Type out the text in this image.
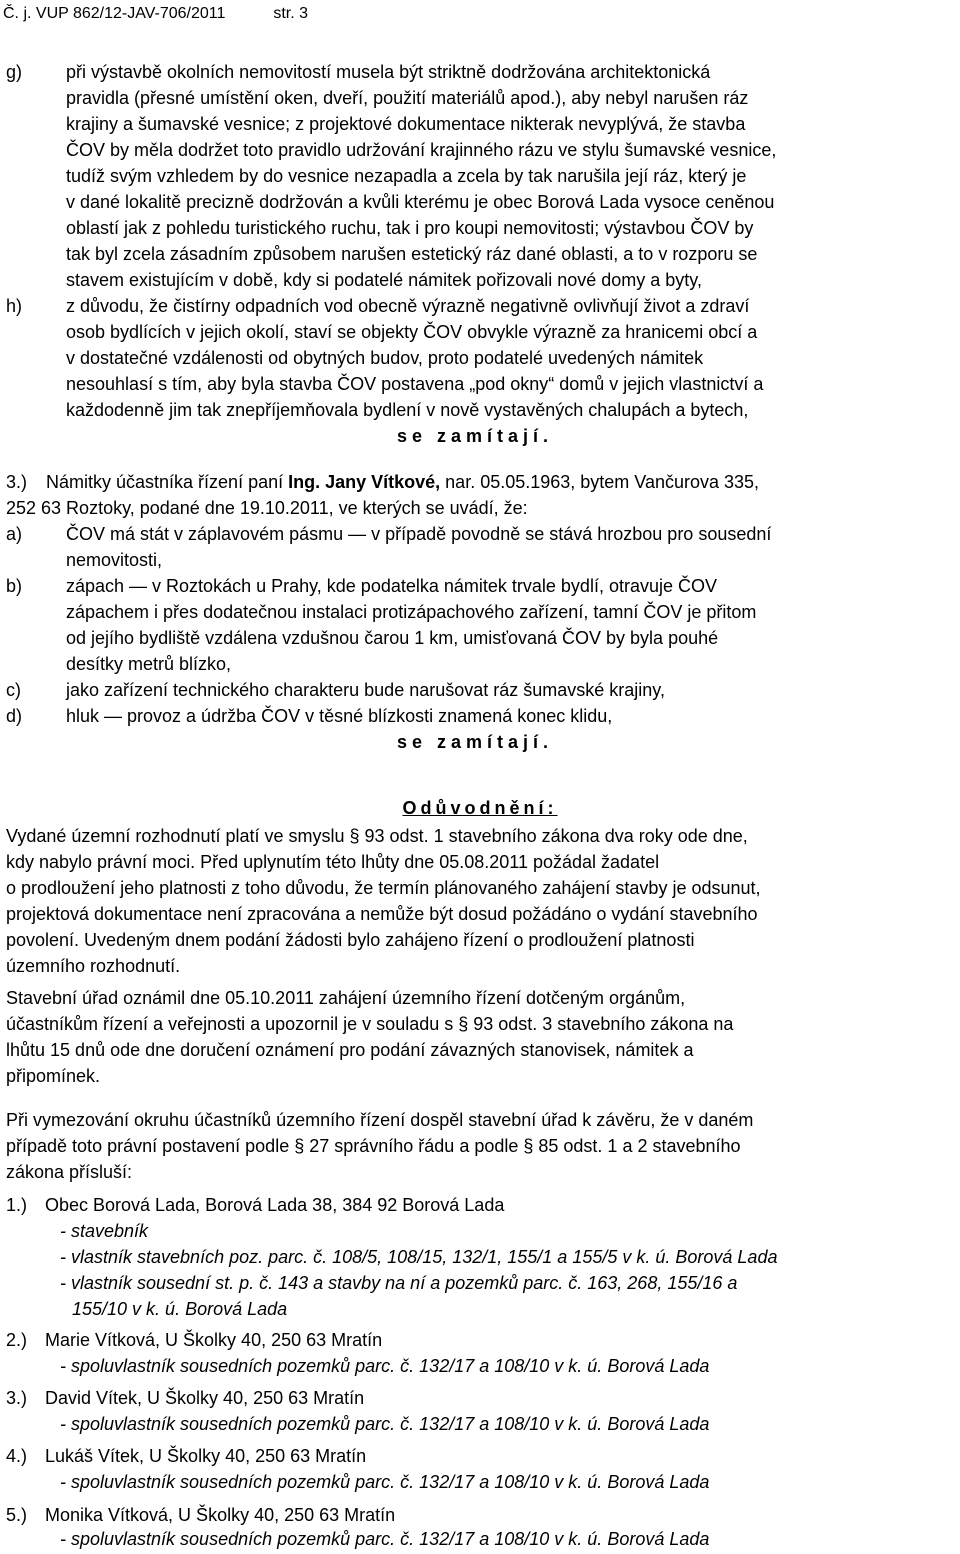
Č. j. VUP 862/12-JAV-706/2011	str. 3
g) při výstavbě okolních nemovitostí musela být striktně dodržována architektonická
pravidla (přesné umístění oken, dveří, použití materiálů apod.), aby nebyl narušen ráz
krajiny a šumavské vesnice; z projektové dokumentace nikterak nevyplývá, že stavba
ČOV by měla dodržet toto pravidlo udržování krajinného rázu ve stylu šumavské vesnice,
tudíž svým vzhledem by do vesnice nezapadla a zcela by tak narušila její ráz, který je
v dané lokalitě precizně dodržován a kvůli kterému je obec Borová Lada vysoce ceněnou
oblastí jak z pohledu turistického ruchu, tak i pro koupi nemovitosti; výstavbou ČOV by
tak byl zcela zásadním způsobem narušen estetický ráz dané oblasti, a to v rozporu se
stavem existujícím v době, kdy si podatelé námitek pořizovali nové domy a byty,
h) z důvodu, že čistírny odpadních vod obecně výrazně negativně ovlivňují život a zdraví
osob bydlících v jejich okolí, staví se objekty ČOV obvykle výrazně za hranicemi obcí a
v dostatečné vzdálenosti od obytných budov, proto podatelé uvedených námitek
nesouhlasí s tím, aby byla stavba ČOV postavena „pod okny“ domů v jejich vlastnictví a
každodenně jim tak znepříjemňovala bydlení v nově vystavěných chalupách a bytech,
se zamítají.
3.) Námitky účastníka řízení paní Ing. Jany Vítkové, nar. 05.05.1963, bytem Vančurova 335,
252 63 Roztoky, podané dne 19.10.2011, ve kterých se uvádí, že:
a) ČOV má stát v záplavovém pásmu — v případě povodně se stává hrozbou pro sousední
nemovitosti,
b) zápach — v Roztokách u Prahy, kde podatelka námitek trvale bydlí, otravuje ČOV
zápachem i přes dodatečnou instalaci protizápachového zařízení, tamní ČOV je přitom
od jejího bydliště vzdálena vzdušnou čarou 1 km, umisťovaná ČOV by byla pouhé
desítky metrů blízko,
c)	jako zařízení technického charakteru bude narušovat ráz šumavské krajiny,
d) hluk — provoz a údržba ČOV v těsné blízkosti znamená konec klidu,
se zamítají.
Odůvodnění:
Vydané územní rozhodnutí platí ve smyslu § 93 odst. 1 stavebního zákona dva roky ode dne,
kdy nabylo právní moci. Před uplynutím této lhůty dne 05.08.2011 požádal žadatel
o prodloužení jeho platnosti z toho důvodu, že termín plánovaného zahájení stavby je odsunut,
projektová dokumentace není zpracována a nemůže být dosud požádáno o vydání stavebního
povolení. Uvedeným dnem podání žádosti bylo zahájeno řízení o prodloužení platnosti
územního rozhodnutí.
Stavební úřad oznámil dne 05.10.2011 zahájení územního řízení dotčeným orgánům,
účastníkům řízení a veřejnosti a upozornil je v souladu s § 93 odst. 3 stavebního zákona na
lhůtu 15 dnů ode dne doručení oznámení pro podání závazných stanovisek, námitek a
připomínek.
Při vymezování okruhu účastníků územního řízení dospěl stavební úřad k závěru, že v daném
případě toto právní postavení podle § 27 správního řádu a podle § 85 odst. 1 a 2 stavebního
zákona přísluší:
1.) Obec Borová Lada, Borová Lada 38, 384 92 Borová Lada
- stavebník
- vlastník stavebních poz. parc. č. 108/5, 108/15, 132/1, 155/1 a 155/5 v k. ú. Borová Lada
- vlastník sousední st. p. č. 143 a stavby na ní a pozemků parc. č. 163, 268, 155/16 a
155/10 v k. ú. Borová Lada
2.) Marie Vítková, U Školky 40, 250 63 Mratín
- spoluvlastník sousedních pozemků parc. č. 132/17 a 108/10 v k. ú. Borová Lada
3.) David Vítek, U Školky 40, 250 63 Mratín
- spoluvlastník sousedních pozemků parc. č. 132/17 a 108/10 v k. ú. Borová Lada
4.) Lukáš Vítek, U Školky 40, 250 63 Mratín
- spoluvlastník sousedních pozemků parc. č. 132/17 a 108/10 v k. ú. Borová Lada
5.) Monika Vítková, U Školky 40, 250 63 Mratín
- spoluvlastník sousedních pozemků parc. č. 132/17 a 108/10 v k. ú. Borová Lada
